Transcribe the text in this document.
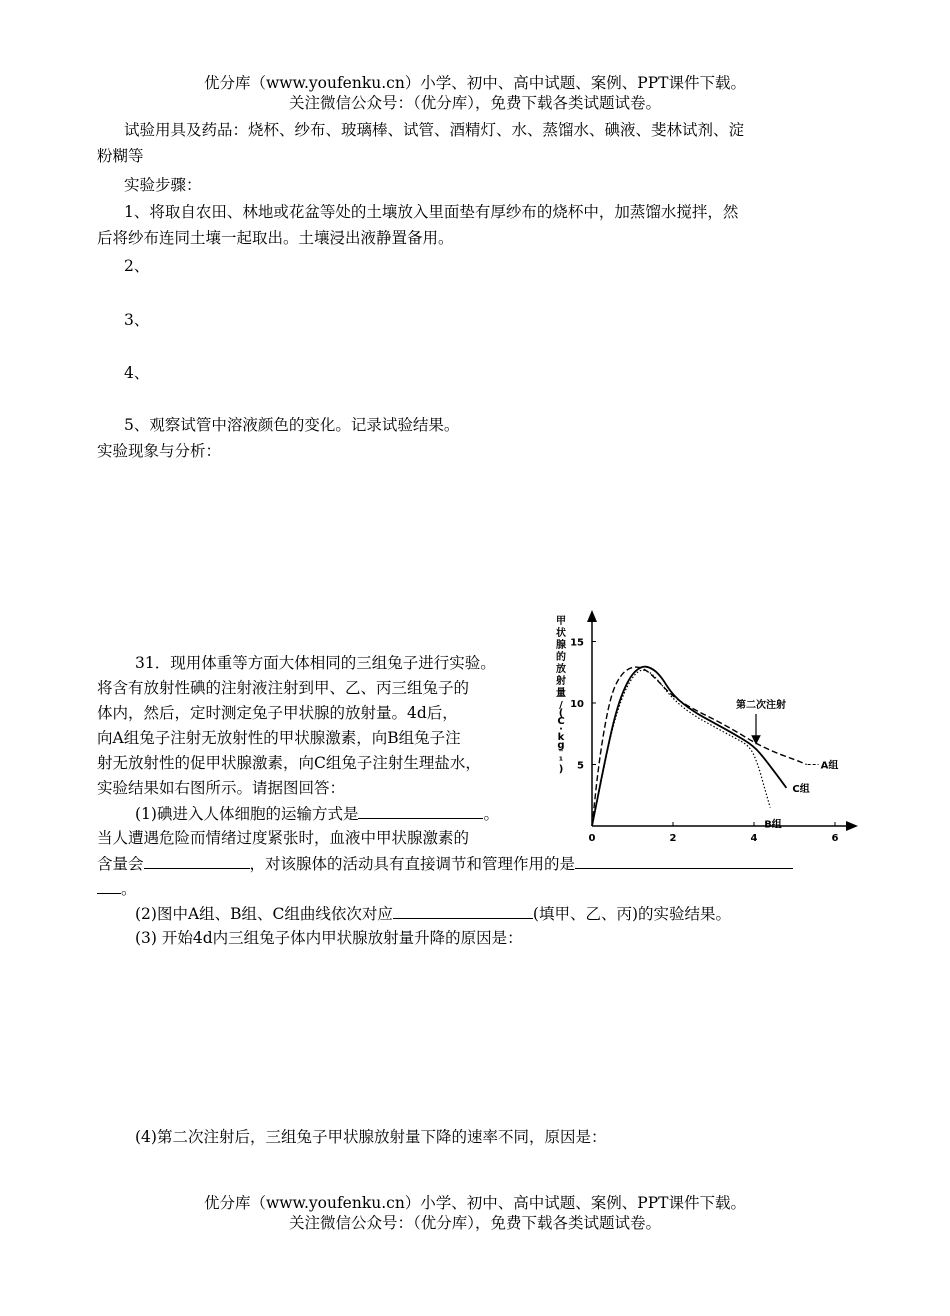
优分库（www.youfenku.cn）小学、初中、高中试题、案例、PPT课件下载。
关注微信公众号：（优分库），免费下载各类试题试卷。
试验用具及药品：烧杯、纱布、玻璃棒、试管、酒精灯、水、蒸馏水、碘液、斐林试剂、淀
粉糊等
实验步骤：
1、将取自农田、林地或花盆等处的土壤放入里面垫有厚纱布的烧杯中，加蒸馏水搅拌，然
后将纱布连同土壤一起取出。土壤浸出液静置备用。
2、
3、
4、
5、观察试管中溶液颜色的变化。记录试验结果。
实验现象与分析：
31．现用体重等方面大体相同的三组兔子进行实验。
将含有放射性碘的注射液注射到甲、乙、丙三组兔子的
体内，然后，定时测定兔子甲状腺的放射量。4d后，
向A组兔子注射无放射性的甲状腺激素，向B组兔子注
射无放射性的促甲状腺激素，向C组兔子注射生理盐水，
实验结果如右图所示。请据图回答：
(1)碘进入人体细胞的运输方式是	。
当人遭遇危险而情绪过度紧张时，血液中甲状腺激素的
含量会	，对该腺体的活动具有直接调节和管理作用的是
。
(2)图中A组、B组、C组曲线依次对应	(填甲、乙、丙)的实验结果。
(3) 开始4d内三组兔子体内甲状腺放射量升降的原因是：
(4)第二次注射后，三组兔子甲状腺放射量下降的速率不同，原因是：
优分库（www.youfenku.cn）小学、初中、高中试题、案例、PPT课件下载。
关注微信公众号：（优分库），免费下载各类试题试卷。
甲
状
腺
的
放
射
量
/
(
C
·
k
g
⁻
¹
)
0	2	4	6
5
10
15
A组
B组
C组
第二次注射
